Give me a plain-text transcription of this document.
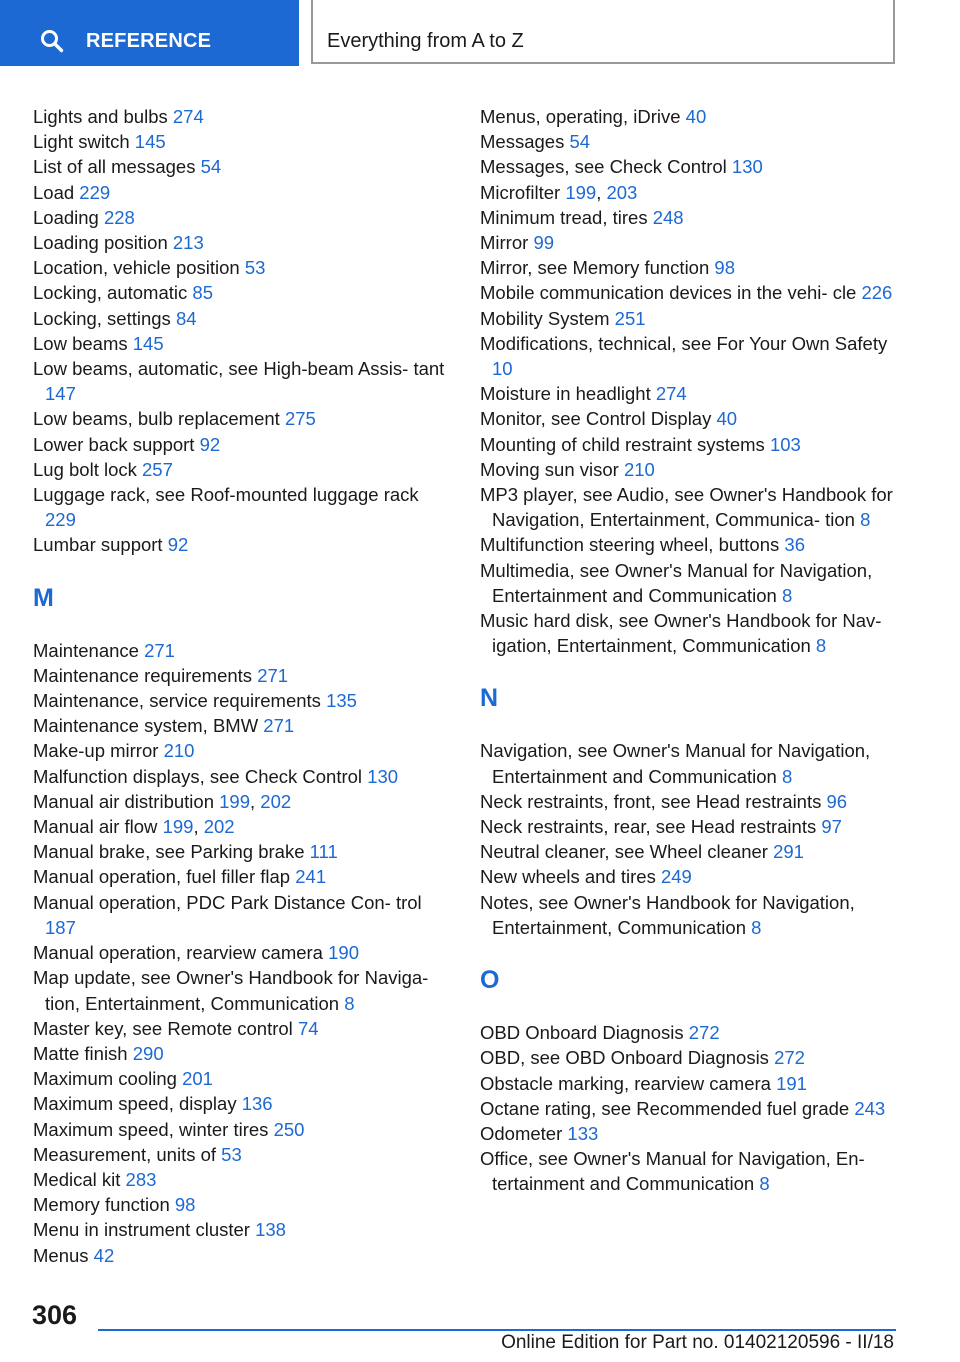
REFERENCE	Everything from A to Z
Lights and bulbs 274
Light switch 145
List of all messages 54
Load 229
Loading 228
Loading position 213
Location, vehicle position 53
Locking, automatic 85
Locking, settings 84
Low beams 145
Low beams, automatic, see High-beam Assis‐ tant 147
Low beams, bulb replacement 275
Lower back support 92
Lug bolt lock 257
Luggage rack, see Roof-mounted luggage rack 229
Lumbar support 92
M
Maintenance 271
Maintenance requirements 271
Maintenance, service requirements 135
Maintenance system, BMW 271
Make-up mirror 210
Malfunction displays, see Check Control 130
Manual air distribution 199, 202
Manual air flow 199, 202
Manual brake, see Parking brake 111
Manual operation, fuel filler flap 241
Manual operation, PDC Park Distance Con‐ trol 187
Manual operation, rearview camera 190
Map update, see Owner's Handbook for Naviga‐ tion, Entertainment, Communication 8
Master key, see Remote control 74
Matte finish 290
Maximum cooling 201
Maximum speed, display 136
Maximum speed, winter tires 250
Measurement, units of 53
Medical kit 283
Memory function 98
Menu in instrument cluster 138
Menus 42
Menus, operating, iDrive 40
Messages 54
Messages, see Check Control 130
Microfilter 199, 203
Minimum tread, tires 248
Mirror 99
Mirror, see Memory function 98
Mobile communication devices in the vehi‐ cle 226
Mobility System 251
Modifications, technical, see For Your Own Safety 10
Moisture in headlight 274
Monitor, see Control Display 40
Mounting of child restraint systems 103
Moving sun visor 210
MP3 player, see Audio, see Owner's Handbook for Navigation, Entertainment, Communica‐ tion 8
Multifunction steering wheel, buttons 36
Multimedia, see Owner's Manual for Navigation, Entertainment and Communication 8
Music hard disk, see Owner's Handbook for Nav‐ igation, Entertainment, Communication 8
N
Navigation, see Owner's Manual for Navigation, Entertainment and Communication 8
Neck restraints, front, see Head restraints 96
Neck restraints, rear, see Head restraints 97
Neutral cleaner, see Wheel cleaner 291
New wheels and tires 249
Notes, see Owner's Handbook for Navigation, Entertainment, Communication 8
O
OBD Onboard Diagnosis 272
OBD, see OBD Onboard Diagnosis 272
Obstacle marking, rearview camera 191
Octane rating, see Recommended fuel grade 243
Odometer 133
Office, see Owner's Manual for Navigation, En‐ tertainment and Communication 8
306
Online Edition for Part no. 01402120596 - II/18
